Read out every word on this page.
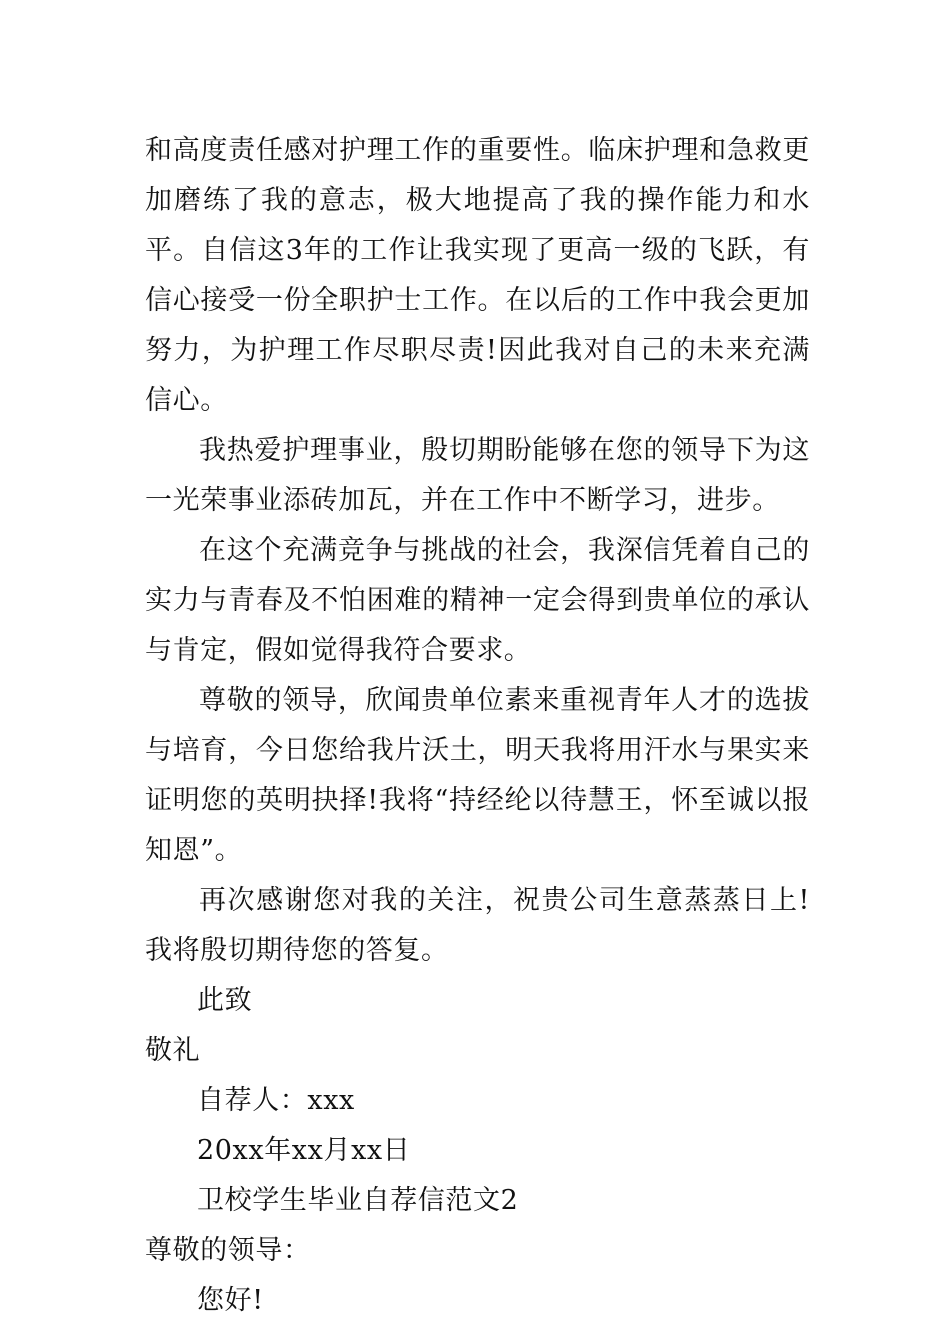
和高度责任感对护理工作的重要性。临床护理和急救更加磨练了我的意志，极大地提高了我的操作能力和水平。自信这3年的工作让我实现了更高一级的飞跃，有信心接受一份全职护士工作。在以后的工作中我会更加努力，为护理工作尽职尽责!因此我对自己的未来充满信心。

我热爱护理事业，殷切期盼能够在您的领导下为这一光荣事业添砖加瓦，并在工作中不断学习，进步。

在这个充满竞争与挑战的社会，我深信凭着自己的实力与青春及不怕困难的精神一定会得到贵单位的承认与肯定，假如觉得我符合要求。

尊敬的领导，欣闻贵单位素来重视青年人才的选拔与培育，今日您给我片沃土，明天我将用汗水与果实来证明您的英明抉择!我将“持经纶以待慧王，怀至诚以报知恩”。

再次感谢您对我的关注，祝贵公司生意蒸蒸日上!我将殷切期待您的答复。

此致

敬礼

自荐人：xxx

20xx年xx月xx日

卫校学生毕业自荐信范文2

尊敬的领导：

您好!
